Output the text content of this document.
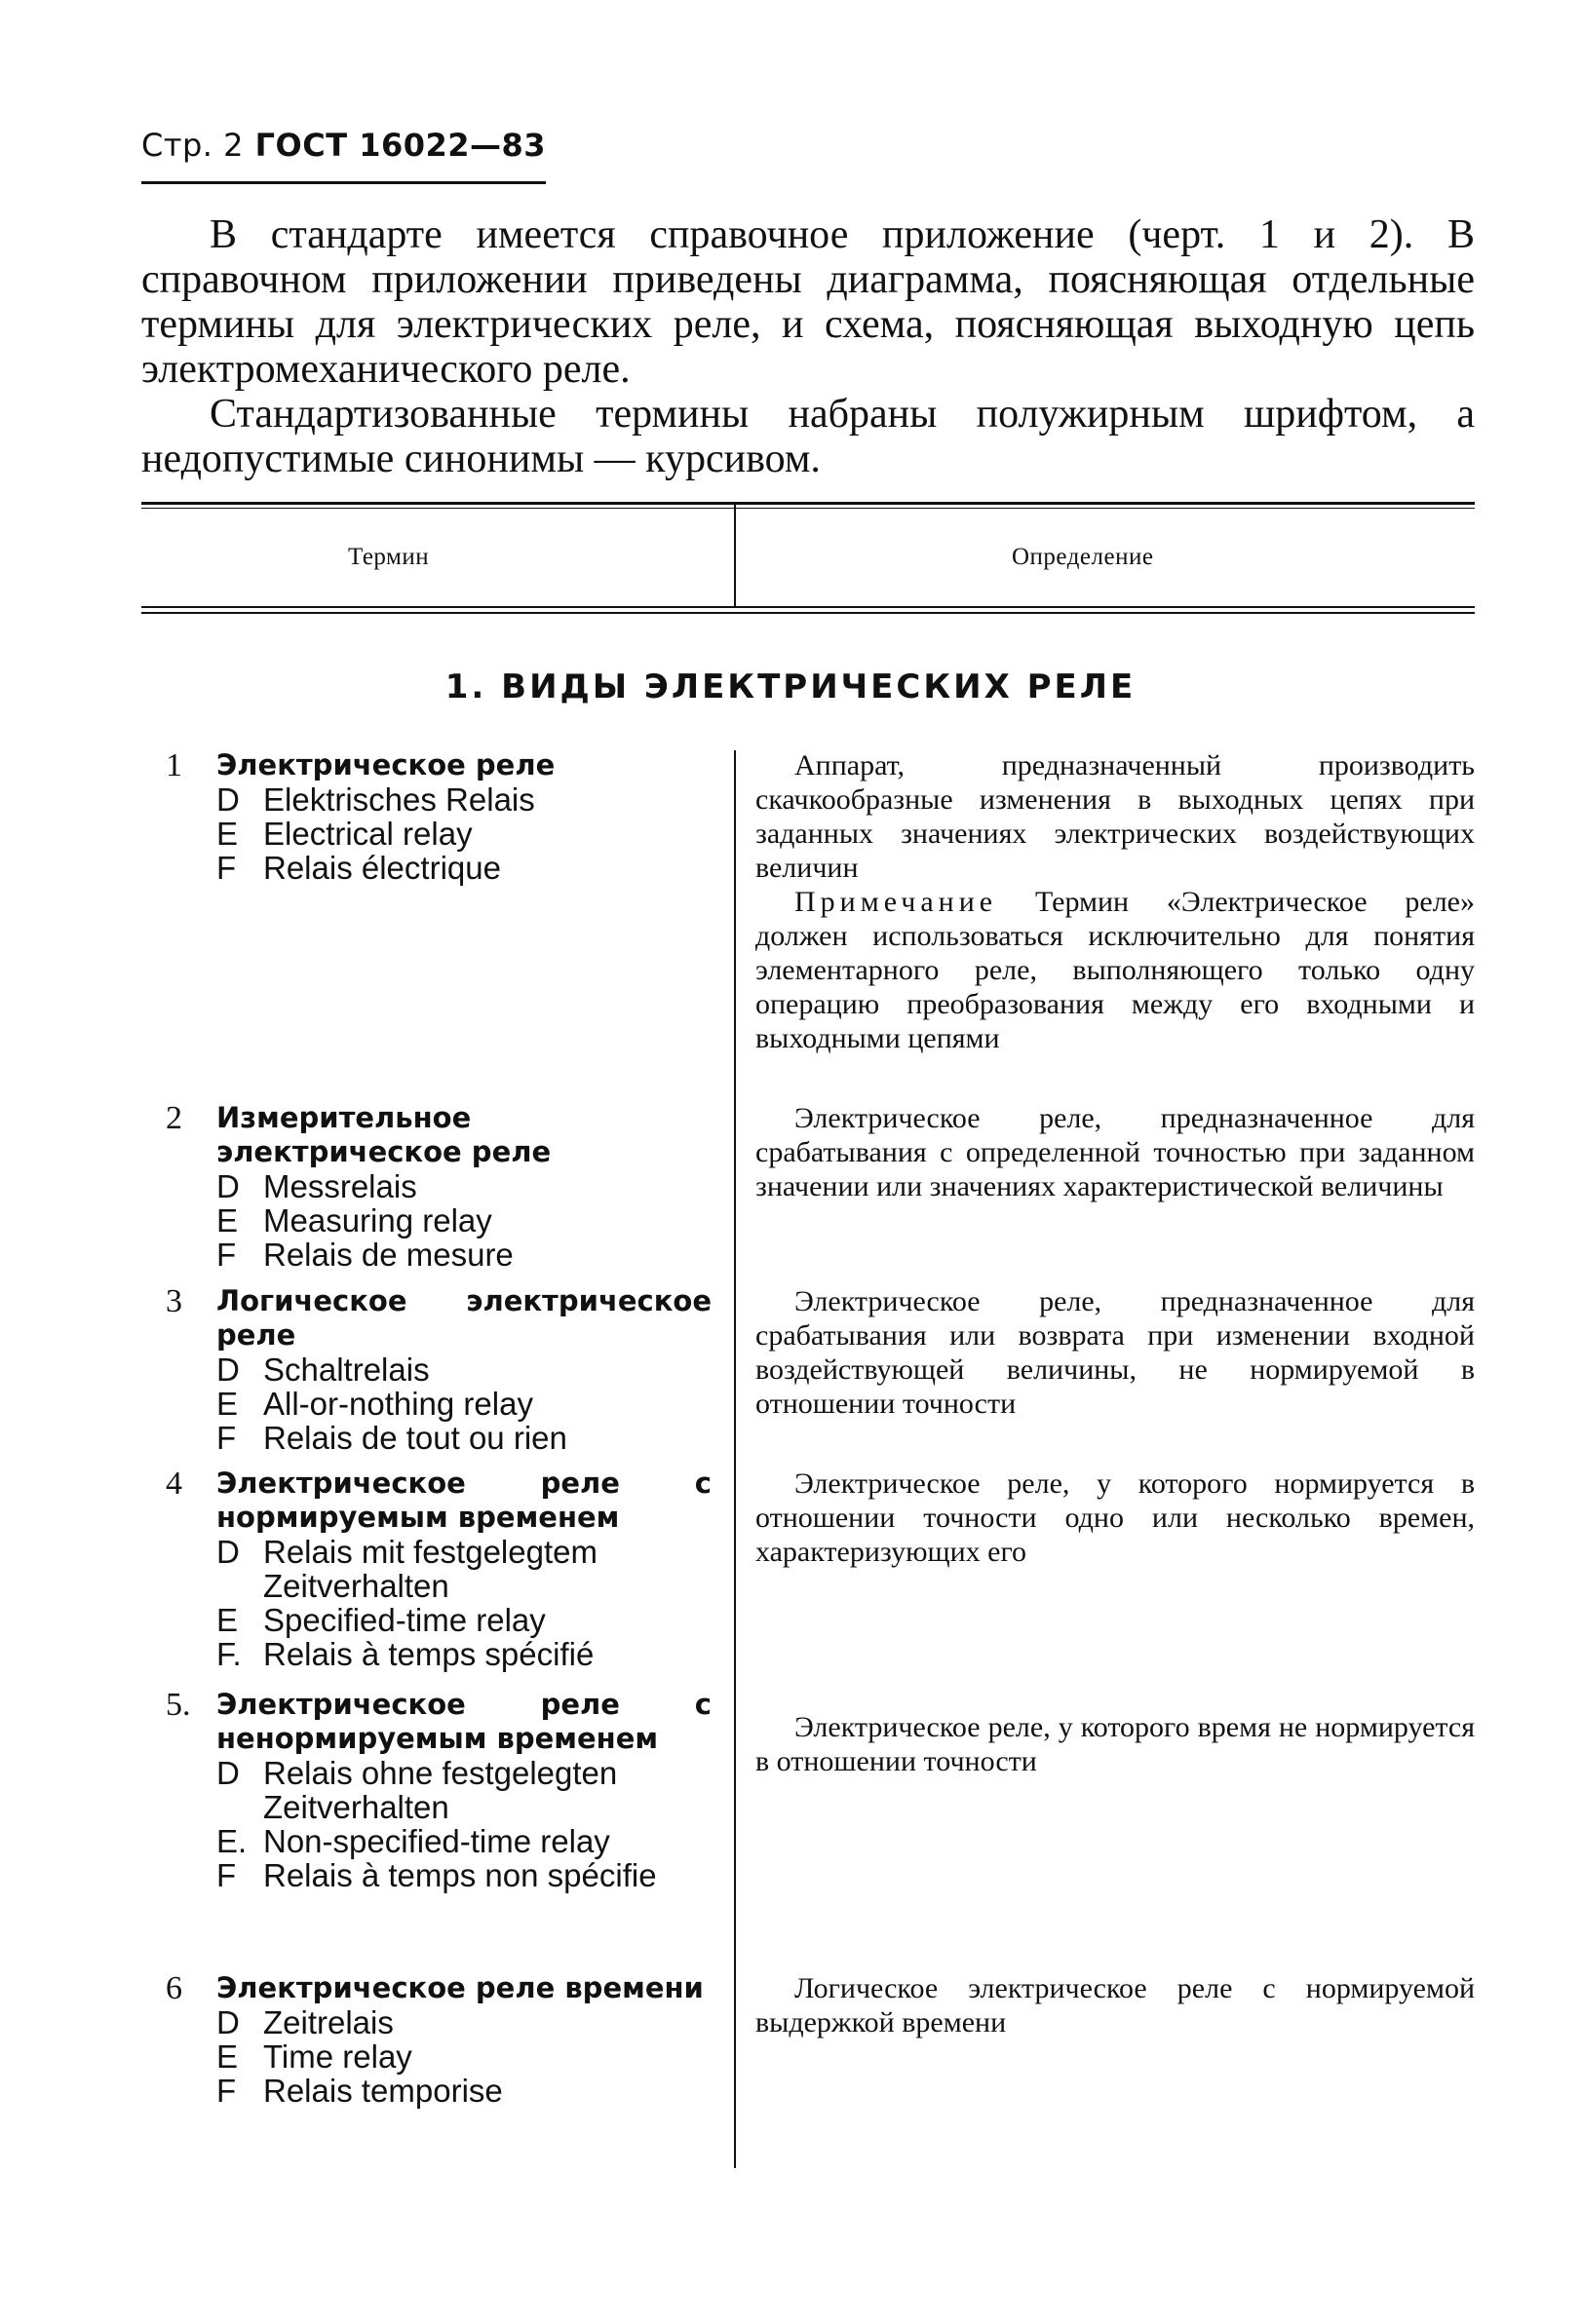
Стр. 2 ГОСТ 16022—83

В стандарте имеется справочное приложение (черт. 1 и 2). В справочном приложении приведены диаграмма, поясняющая отдельные термины для электрических реле, и схема, поясняющая выходную цепь электромеханического реле.

Стандартизованные термины набраны полужирным шрифтом, а недопустимые синонимы — курсивом.

Термин	Определение
1. ВИДЫ ЭЛЕКТРИЧЕСКИХ РЕЛЕ
1	Электрическое реле
D Elektrisches Relais
E Electrical relay
F Relais électrique

Аппарат, предназначенный производить скачкообразные изменения в выходных цепях при заданных значениях электрических воздействующих величин

Примечание Термин «Электрическое реле» должен использоваться исключительно для понятия элементарного реле, выполняющего только одну операцию преобразования между его входными и выходными цепями

2	Измерительное электрическое реле
D Messrelais
E Measuring relay
F Relais de mesure

Электрическое реле, предназначенное для срабатывания с определенной точностью при заданном значении или значениях характеристической величины

3	Логическое электрическое реле
D Schaltrelais
E All-or-nothing relay
F Relais de tout ou rien

Электрическое реле, предназначенное для срабатывания или возврата при изменении входной воздействующей величины, не нормируемой в отношении точности

4	Электрическое реле с нормируемым временем
D Relais mit festgelegtem Zeitverhalten
E Specified-time relay
F. Relais à temps spécifié

Электрическое реле, у которого нормируется в отношении точности одно или несколько времен, характеризующих его

5. Электрическое реле с ненормируемым временем
D Relais ohne festgelegten Zeitverhalten
E. Non-specified-time relay
F Relais à temps non spécifie

Электрическое реле, у которого время не нормируется в отношении точности

6	Электрическое реле времени
D Zeitrelais
E Time relay
F Relais temporise

Логическое электрическое реле с нормируемой выдержкой времени
